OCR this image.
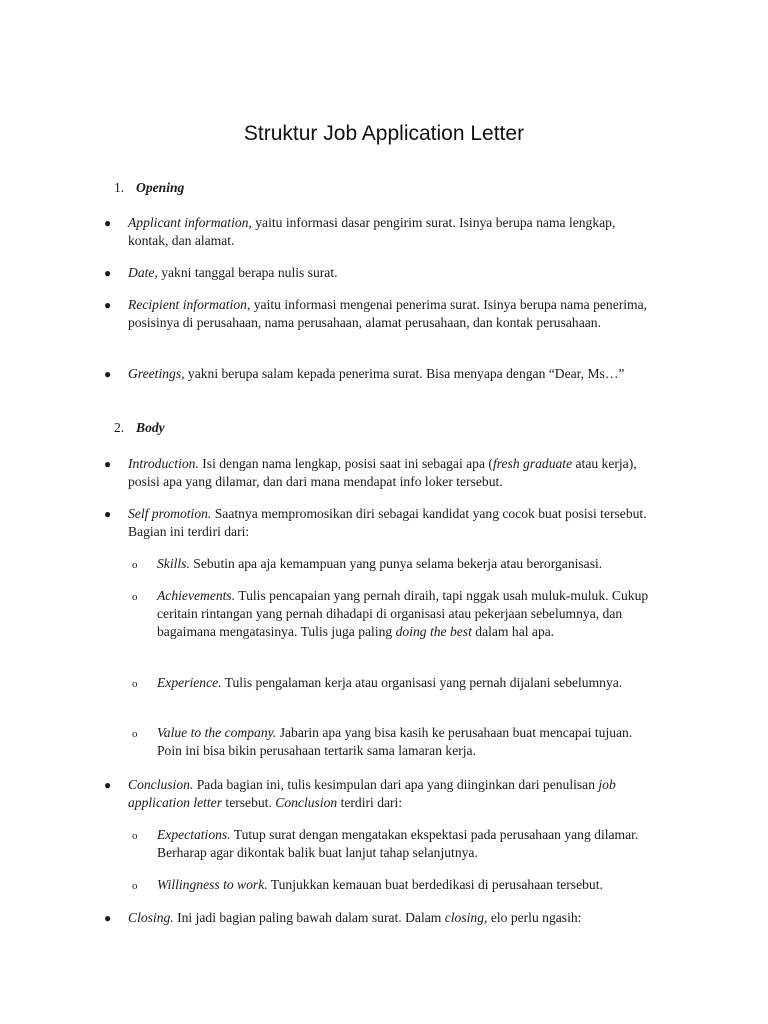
Struktur Job Application Letter
1. Opening
● Applicant information, yaitu informasi dasar pengirim surat. Isinya berupa nama lengkap, kontak, dan alamat.
● Date, yakni tanggal berapa nulis surat.
● Recipient information, yaitu informasi mengenai penerima surat. Isinya berupa nama penerima, posisinya di perusahaan, nama perusahaan, alamat perusahaan, dan kontak perusahaan.
● Greetings, yakni berupa salam kepada penerima surat. Bisa menyapa dengan “Dear, Ms…”
2. Body
● Introduction. Isi dengan nama lengkap, posisi saat ini sebagai apa (fresh graduate atau kerja), posisi apa yang dilamar, dan dari mana mendapat info loker tersebut.
● Self promotion. Saatnya mempromosikan diri sebagai kandidat yang cocok buat posisi tersebut. Bagian ini terdiri dari:
o Skills. Sebutin apa aja kemampuan yang punya selama bekerja atau berorganisasi.
o Achievements. Tulis pencapaian yang pernah diraih, tapi nggak usah muluk-muluk. Cukup ceritain rintangan yang pernah dihadapi di organisasi atau pekerjaan sebelumnya, dan bagaimana mengatasinya. Tulis juga paling doing the best dalam hal apa.
o Experience. Tulis pengalaman kerja atau organisasi yang pernah dijalani sebelumnya.
o Value to the company. Jabarin apa yang bisa kasih ke perusahaan buat mencapai tujuan. Poin ini bisa bikin perusahaan tertarik sama lamaran kerja.
● Conclusion. Pada bagian ini, tulis kesimpulan dari apa yang diinginkan dari penulisan job application letter tersebut. Conclusion terdiri dari:
o Expectations. Tutup surat dengan mengatakan ekspektasi pada perusahaan yang dilamar. Berharap agar dikontak balik buat lanjut tahap selanjutnya.
o Willingness to work. Tunjukkan kemauan buat berdedikasi di perusahaan tersebut.
● Closing. Ini jadi bagian paling bawah dalam surat. Dalam closing, elo perlu ngasih:
